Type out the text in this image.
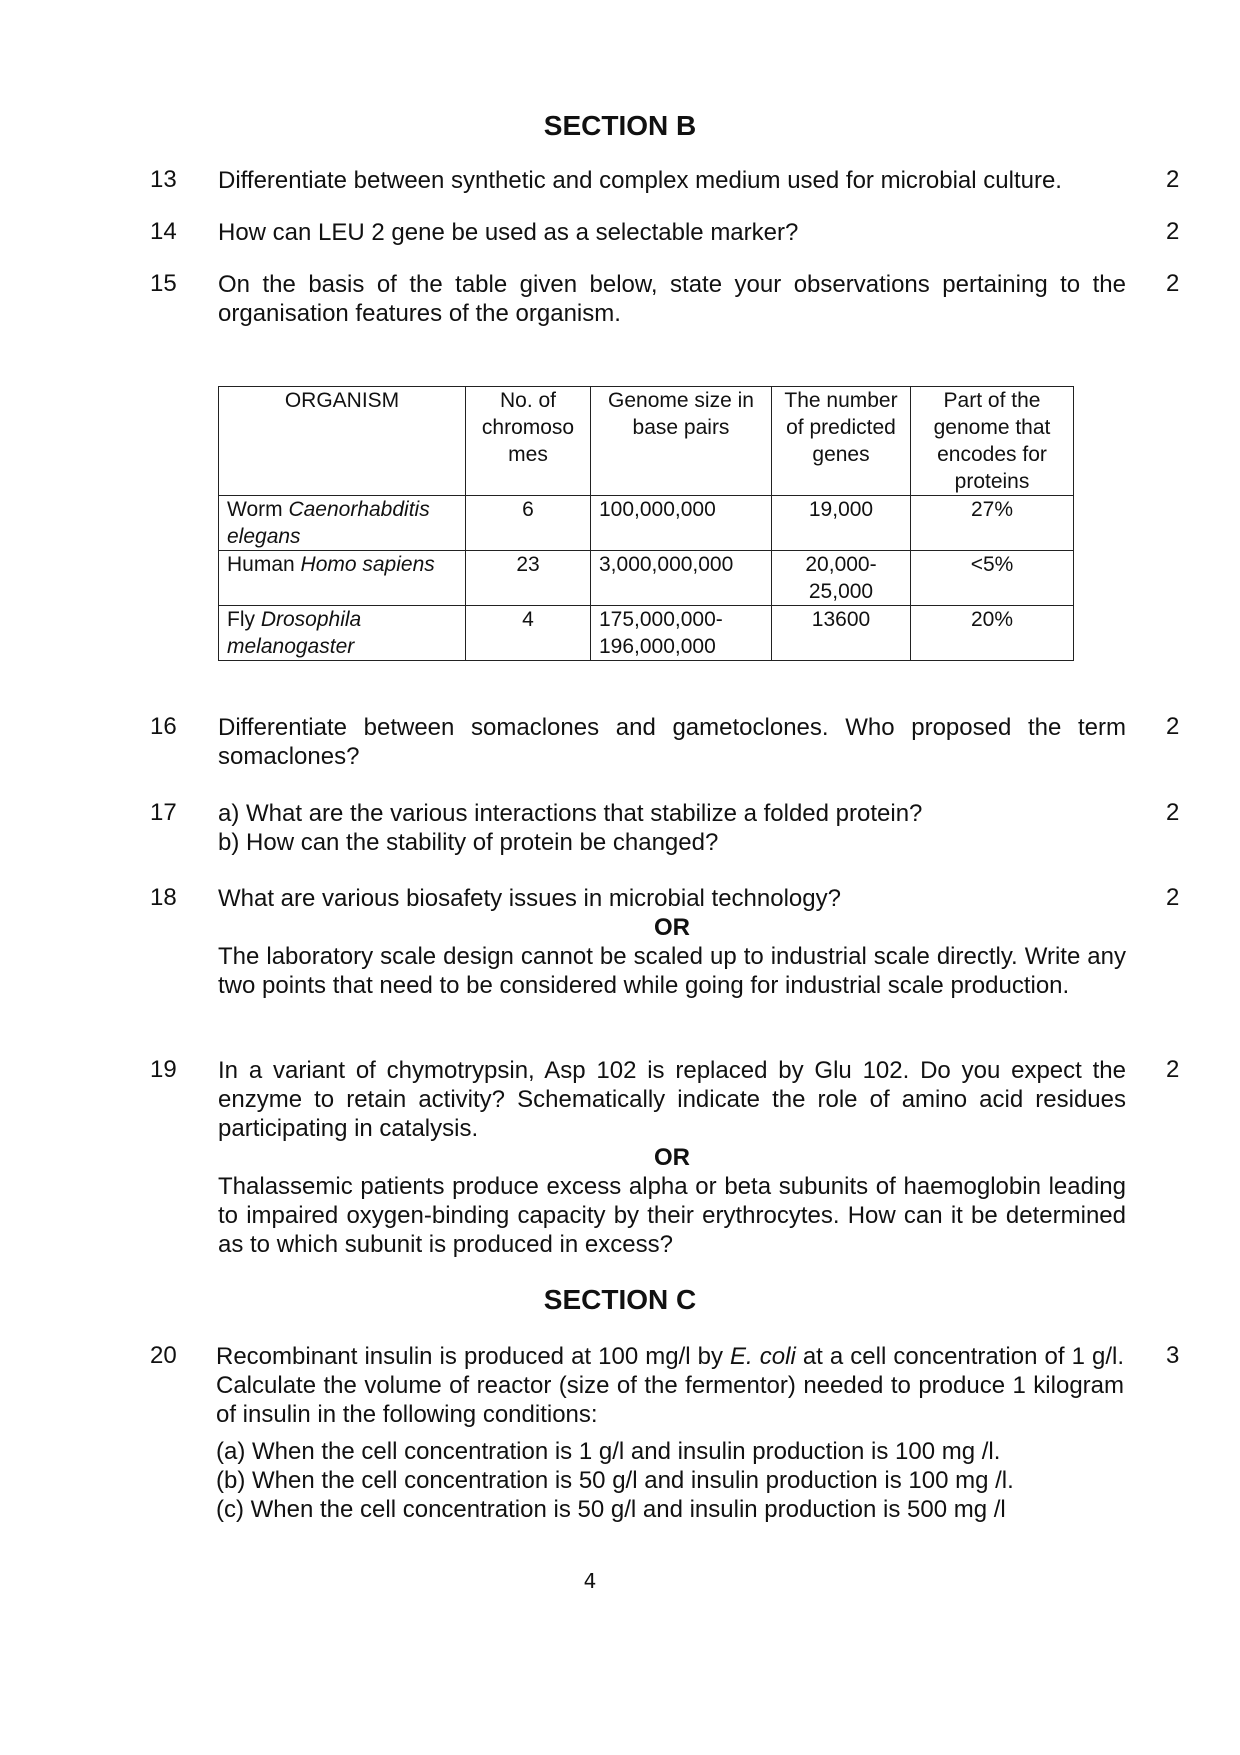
SECTION B
13	Differentiate between synthetic and complex medium used for microbial culture.	2
14	How can LEU 2 gene be used as a selectable marker?	2
15	On the basis of the table given below, state your observations pertaining to the organisation features of the organism.

2
ORGANISM	No. of chromoso mes	Genome size in base pairs	The number of predicted genes	Part of the genome that encodes for proteins
Worm Caenorhabditis elegans	6	100,000,000	19,000	27%
Human Homo sapiens	23	3,000,000,000	20,000-25,000	<5%
Fly Drosophila melanogaster	4	175,000,000-196,000,000	13600	20%
16	Differentiate between somaclones and gametoclones. Who proposed the term somaclones?

2
17	a) What are the various interactions that stabilize a folded protein?

b) How can the stability of protein be changed?

2
18	What are various biosafety issues in microbial technology?

OR

The laboratory scale design cannot be scaled up to industrial scale directly. Write any two points that need to be considered while going for industrial scale production.

2
19	In a variant of chymotrypsin, Asp 102 is replaced by Glu 102. Do you expect the enzyme to retain activity? Schematically indicate the role of amino acid residues participating in catalysis.

OR

Thalassemic patients produce excess alpha or beta subunits of haemoglobin leading to impaired oxygen-binding capacity by their erythrocytes. How can it be determined as to which subunit is produced in excess?

2
SECTION C
20	Recombinant insulin is produced at 100 mg/l by E. coli at a cell concentration of 1 g/l. Calculate the volume of reactor (size of the fermentor) needed to produce 1 kilogram of insulin in the following conditions:

(a) When the cell concentration is 1 g/l and insulin production is 100 mg /l.

(b) When the cell concentration is 50 g/l and insulin production is 100 mg /l.

(c) When the cell concentration is 50 g/l and insulin production is 500 mg /l

3
4
